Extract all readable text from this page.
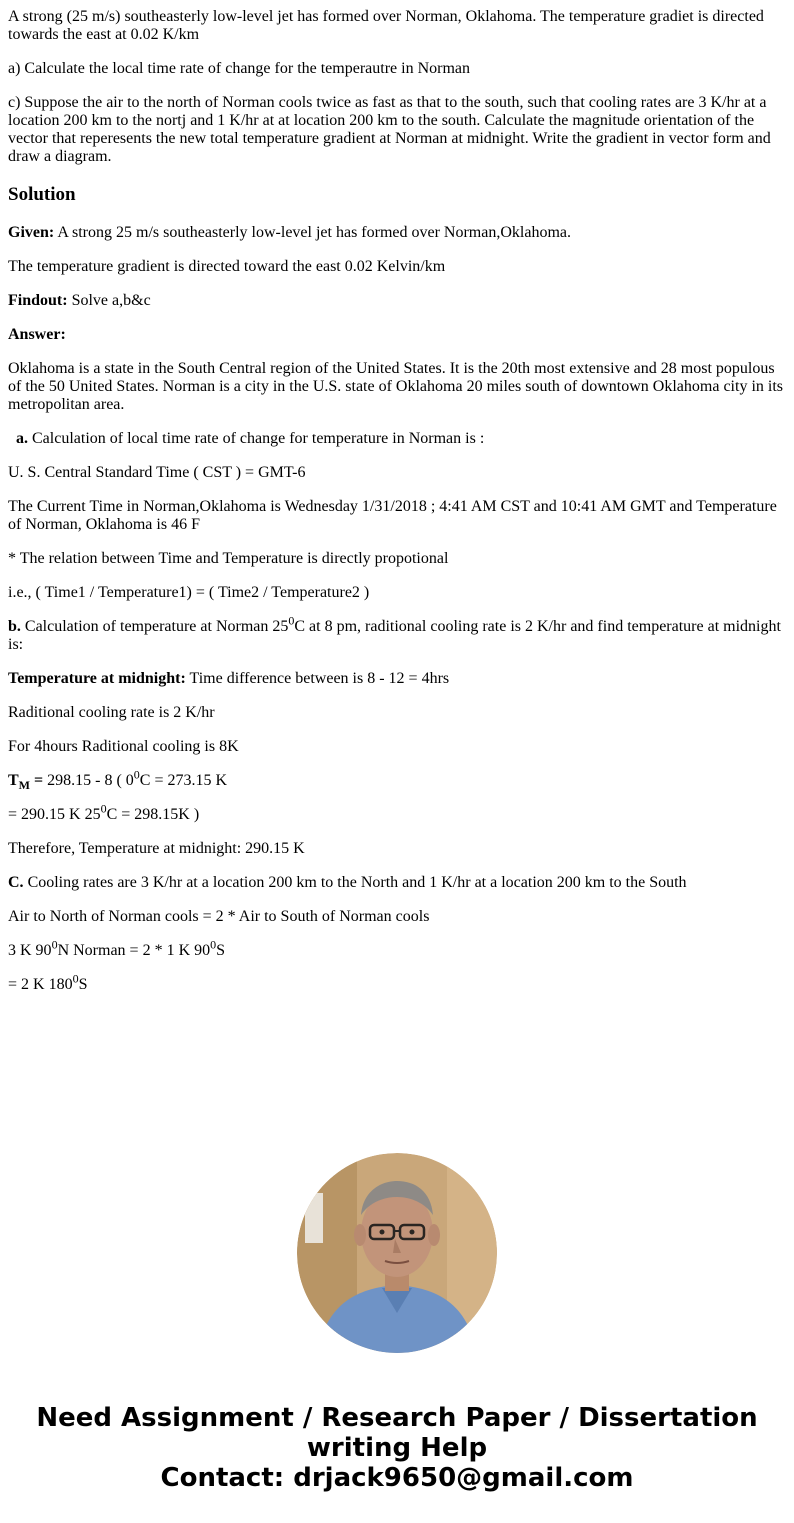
A strong (25 m/s) southeasterly low-level jet has formed over Norman, Oklahoma. The temperature gradiet is directed towards the east at 0.02 K/km

a) Calculate the local time rate of change for the temperautre in Norman

c) Suppose the air to the north of Norman cools twice as fast as that to the south, such that cooling rates are 3 K/hr at a location 200 km to the nortj and 1 K/hr at at location 200 km to the south. Calculate the magnitude orientation of the vector that reperesents the new total temperature gradient at Norman at midnight. Write the gradient in vector form and draw a diagram.

Solution

Given: A strong 25 m/s southeasterly low-level jet has formed over Norman,Oklahoma.

The temperature gradient is directed toward the east 0.02 Kelvin/km

Findout: Solve a,b&c

Answer:

Oklahoma is a state in the South Central region of the United States. It is the 20th most extensive and 28 most populous of the 50 United States. Norman is a city in the U.S. state of Oklahoma 20 miles south of downtown Oklahoma city in its metropolitan area.

a. Calculation of local time rate of change for temperature in Norman is :

U. S. Central Standard Time ( CST ) = GMT-6

The Current Time in Norman,Oklahoma is Wednesday 1/31/2018 ; 4:41 AM CST and 10:41 AM GMT and Temperature of Norman, Oklahoma is 46 F

* The relation between Time and Temperature is directly propotional

i.e., ( Time1 / Temperature1) = ( Time2 / Temperature2 )

b. Calculation of temperature at Norman $25^0C$ at 8 pm, raditional cooling rate is 2 K/hr and find temperature at midnight is:

Temperature at midnight: Time difference between is 8 - 12 = 4hrs

Raditional cooling rate is 2 K/hr

For 4hours Raditional cooling is 8K

$T_M = 298.15 - 8$ ( $0^0C = 273.15$ K

= 290.15 K $25^0C = 298.15K$ )

Therefore, Temperature at midnight: 290.15 K

C. Cooling rates are 3 K/hr at a location 200 km to the North and 1 K/hr at a location 200 km to the South

Air to North of Norman cools = 2 * Air to South of Norman cools

3 K $90^0N$ Norman = 2 * 1 K $90^0S$

= 2 K $180^0S$

Need Assignment / Research Paper / Dissertation
writing Help
Contact: drjack9650@gmail.com
